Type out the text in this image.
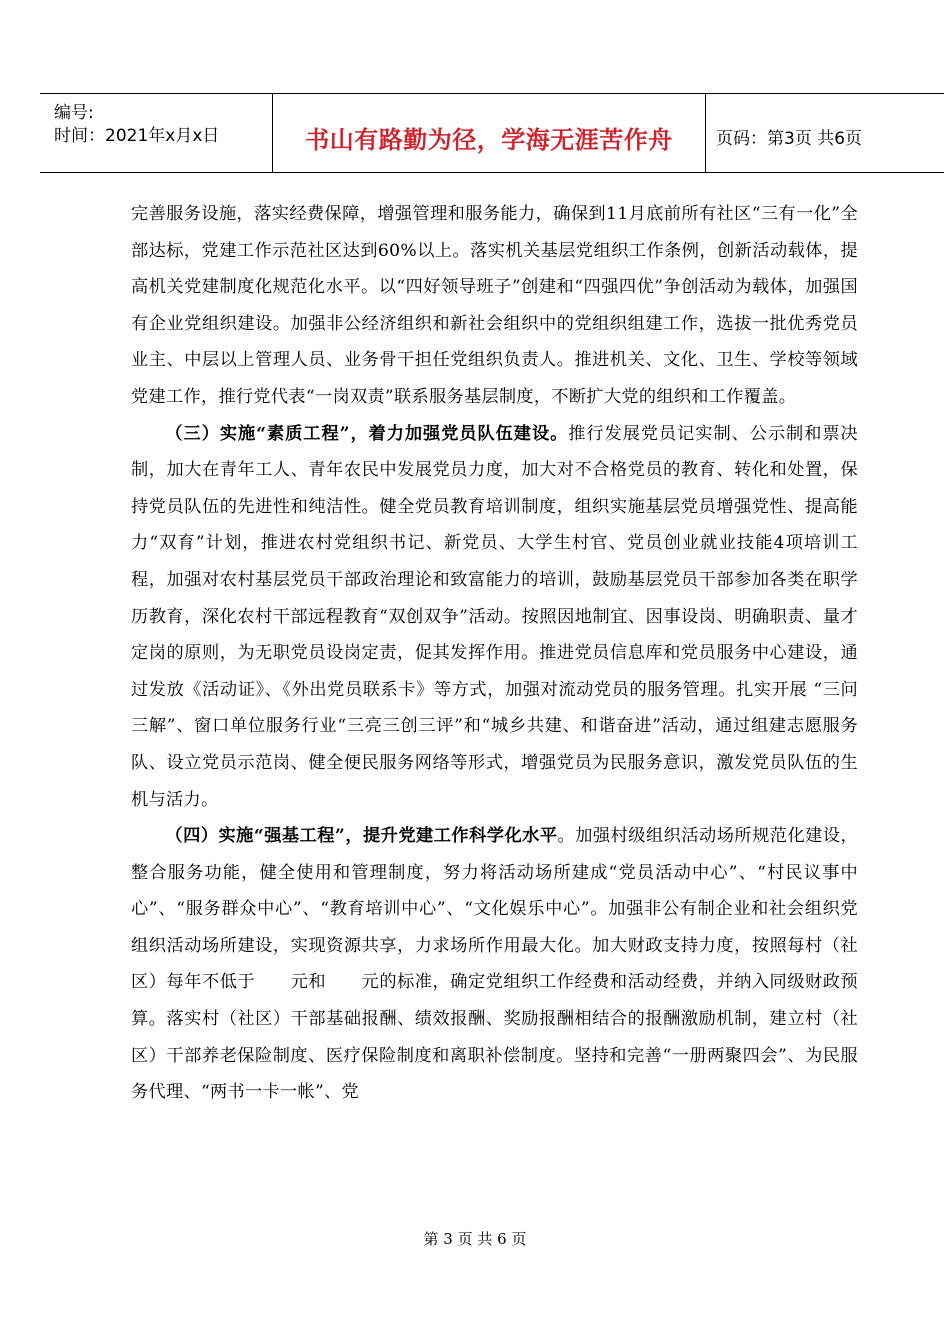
编号:
时间：2021年x月x日	书山有路勤为径，学海无涯苦作舟	页码：第3页 共6页

完善服务设施，落实经费保障，增强管理和服务能力，确保到11月底前所有社区“三有一化”全部达标，党建工作示范社区达到60%以上。落实机关基层党组织工作条例，创新活动载体，提高机关党建制度化规范化水平。以“四好领导班子”创建和“四强四优”争创活动为载体，加强国有企业党组织建设。加强非公经济组织和新社会组织中的党组织组建工作，选拔一批优秀党员业主、中层以上管理人员、业务骨干担任党组织负责人。推进机关、文化、卫生、学校等领域党建工作，推行党代表“一岗双责”联系服务基层制度，不断扩大党的组织和工作覆盖。

（三）实施“素质工程”，着力加强党员队伍建设。推行发展党员记实制、公示制和票决制，加大在青年工人、青年农民中发展党员力度，加大对不合格党员的教育、转化和处置，保持党员队伍的先进性和纯洁性。健全党员教育培训制度，组织实施基层党员增强党性、提高能力“双育”计划，推进农村党组织书记、新党员、大学生村官、党员创业就业技能4项培训工程，加强对农村基层党员干部政治理论和致富能力的培训，鼓励基层党员干部参加各类在职学历教育，深化农村干部远程教育“双创双争”活动。按照因地制宜、因事设岗、明确职责、量才定岗的原则，为无职党员设岗定责，促其发挥作用。推进党员信息库和党员服务中心建设，通过发放《活动证》、《外出党员联系卡》等方式，加强对流动党员的服务管理。扎实开展 “三问三解”、窗口单位服务行业“三亮三创三评”和“城乡共建、和谐奋进”活动，通过组建志愿服务队、设立党员示范岗、健全便民服务网络等形式，增强党员为民服务意识，激发党员队伍的生机与活力。

（四）实施“强基工程”，提升党建工作科学化水平。加强村级组织活动场所规范化建设，整合服务功能，健全使用和管理制度，努力将活动场所建成“党员活动中心”、“村民议事中心”、“服务群众中心”、“教育培训中心”、“文化娱乐中心”。加强非公有制企业和社会组织党组织活动场所建设，实现资源共享，力求场所作用最大化。加大财政支持力度，按照每村（社区）每年不低于　　元和　　元的标准，确定党组织工作经费和活动经费，并纳入同级财政预算。落实村（社区）干部基础报酬、绩效报酬、奖励报酬相结合的报酬激励机制，建立村（社区）干部养老保险制度、医疗保险制度和离职补偿制度。坚持和完善“一册两聚四会”、为民服务代理、“两书一卡一帐”、党

第 3 页 共 6 页
